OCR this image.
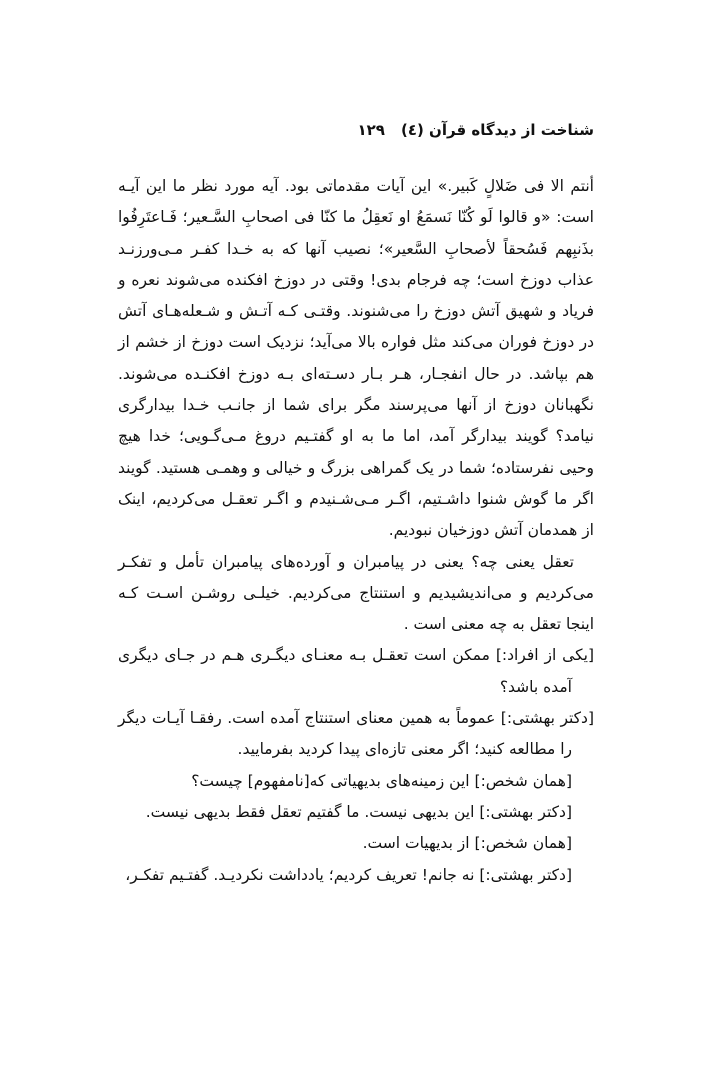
شناخت از دیدگاه قرآن (٤)
١٢٩

أنتم الا فی ضَلالٍ کَبیر.» این آیات مقدماتی بود. آیه مورد نظر ما این آیـه است: «و قالوا لَو کُنّا نَسمَعُ او نَعقِلُ ما کنّا فی اصحابِ السَّـعیر؛ فَـاعتَرِفُوا بذَنبِهم فَسُحقاً لأصحابِ السَّعیر»؛ نصیب آنها که به خـدا کفـر مـی‌ورزنـد عذاب دوزخ است؛ چه فرجام بدی! وقتی در دوزخ افکنده می‌شوند نعره و فریاد و شهیق آتش دوزخ را می‌شنوند. وقتـی کـه آتـش و شـعله‌هـای آتش در دوزخ فوران می‌کند مثل فواره بالا می‌آید؛ نزدیک است دوزخ از خشم از هم بپاشد. در حال انفجـار، هـر بـار دسـته‌ای بـه دوزخ افکنـده می‌شوند. نگهبانان دوزخ از آنها می‌پرسند مگر برای شما از جانـب خـدا بیدارگری نیامد؟ گویند بیدارگر آمد، اما ما به او گفتـیم دروغ مـی‌گـویی؛ خدا هیچ وحیی نفرستاده؛ شما در یک گمراهی بزرگ و خیالی و وهمـی هستید. گویند اگر ما گوش شنوا داشـتیم، اگـر مـی‌شـنیدم و اگـر تعقـل می‌کردیم، اینک از همدمان آتش دوزخیان نبودیم.

تعقل یعنی چه؟ یعنی در پیامبران و آورده‌های پیامبران تأمل و تفکـر می‌کردیم و می‌اندیشیدیم و استنتاج می‌کردیم. خیلـی روشـن اسـت کـه اینجا تعقل به چه معنی است .

[یکی از افراد:] ممکن است تعقـل بـه معنـای دیگـری هـم در جـای دیگری آمده باشد؟

[دکتر بهشتی:] عموماً به همین معنای استنتاج آمده است. رفقـا آیـات دیگر را مطالعه کنید؛ اگر معنی تازه‌ای پیدا کردید بفرمایید.

[همان شخص:] این زمینه‌های بدیهیاتی که[نامفهوم] چیست؟

[دکتر بهشتی:] این بدیهی نیست. ما گفتیم تعقل فقط بدیهی نیست.

[همان شخص:] از بدیهیات است.

[دکتر بهشتی:] نه جانم! تعریف کردیم؛ یادداشت نکردیـد. گفتـیم تفکـر،
